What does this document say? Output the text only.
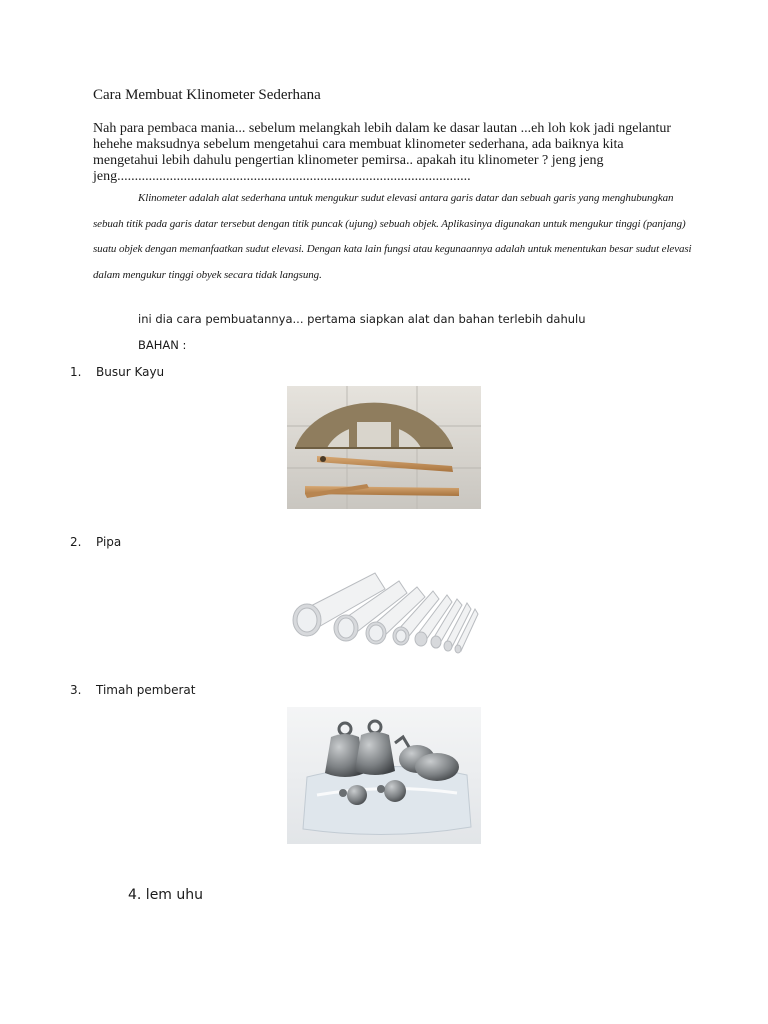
Cara Membuat Klinometer Sederhana

Nah para pembaca mania... sebelum melangkah lebih dalam ke dasar lautan ...eh loh kok jadi ngelantur hehehe maksudnya sebelum mengetahui cara membuat klinometer sederhana, ada baiknya kita mengetahui lebih dahulu pengertian klinometer pemirsa.. apakah itu klinometer ? jeng jeng jeng.....................................................................................................

Klinometer adalah alat sederhana untuk mengukur sudut elevasi antara garis datar dan sebuah garis yang menghubungkan sebuah titik pada garis datar tersebut dengan titik puncak (ujung) sebuah objek. Aplikasinya digunakan untuk mengukur tinggi (panjang) suatu objek dengan memanfaatkan sudut elevasi. Dengan kata lain fungsi atau kegunaannya adalah untuk menentukan besar sudut elevasi dalam mengukur tinggi obyek secara tidak langsung.

ini dia cara pembuatannya... pertama siapkan alat dan bahan terlebih dahulu

BAHAN :

1. Busur Kayu

2. Pipa

3. Timah pemberat

4. lem uhu
